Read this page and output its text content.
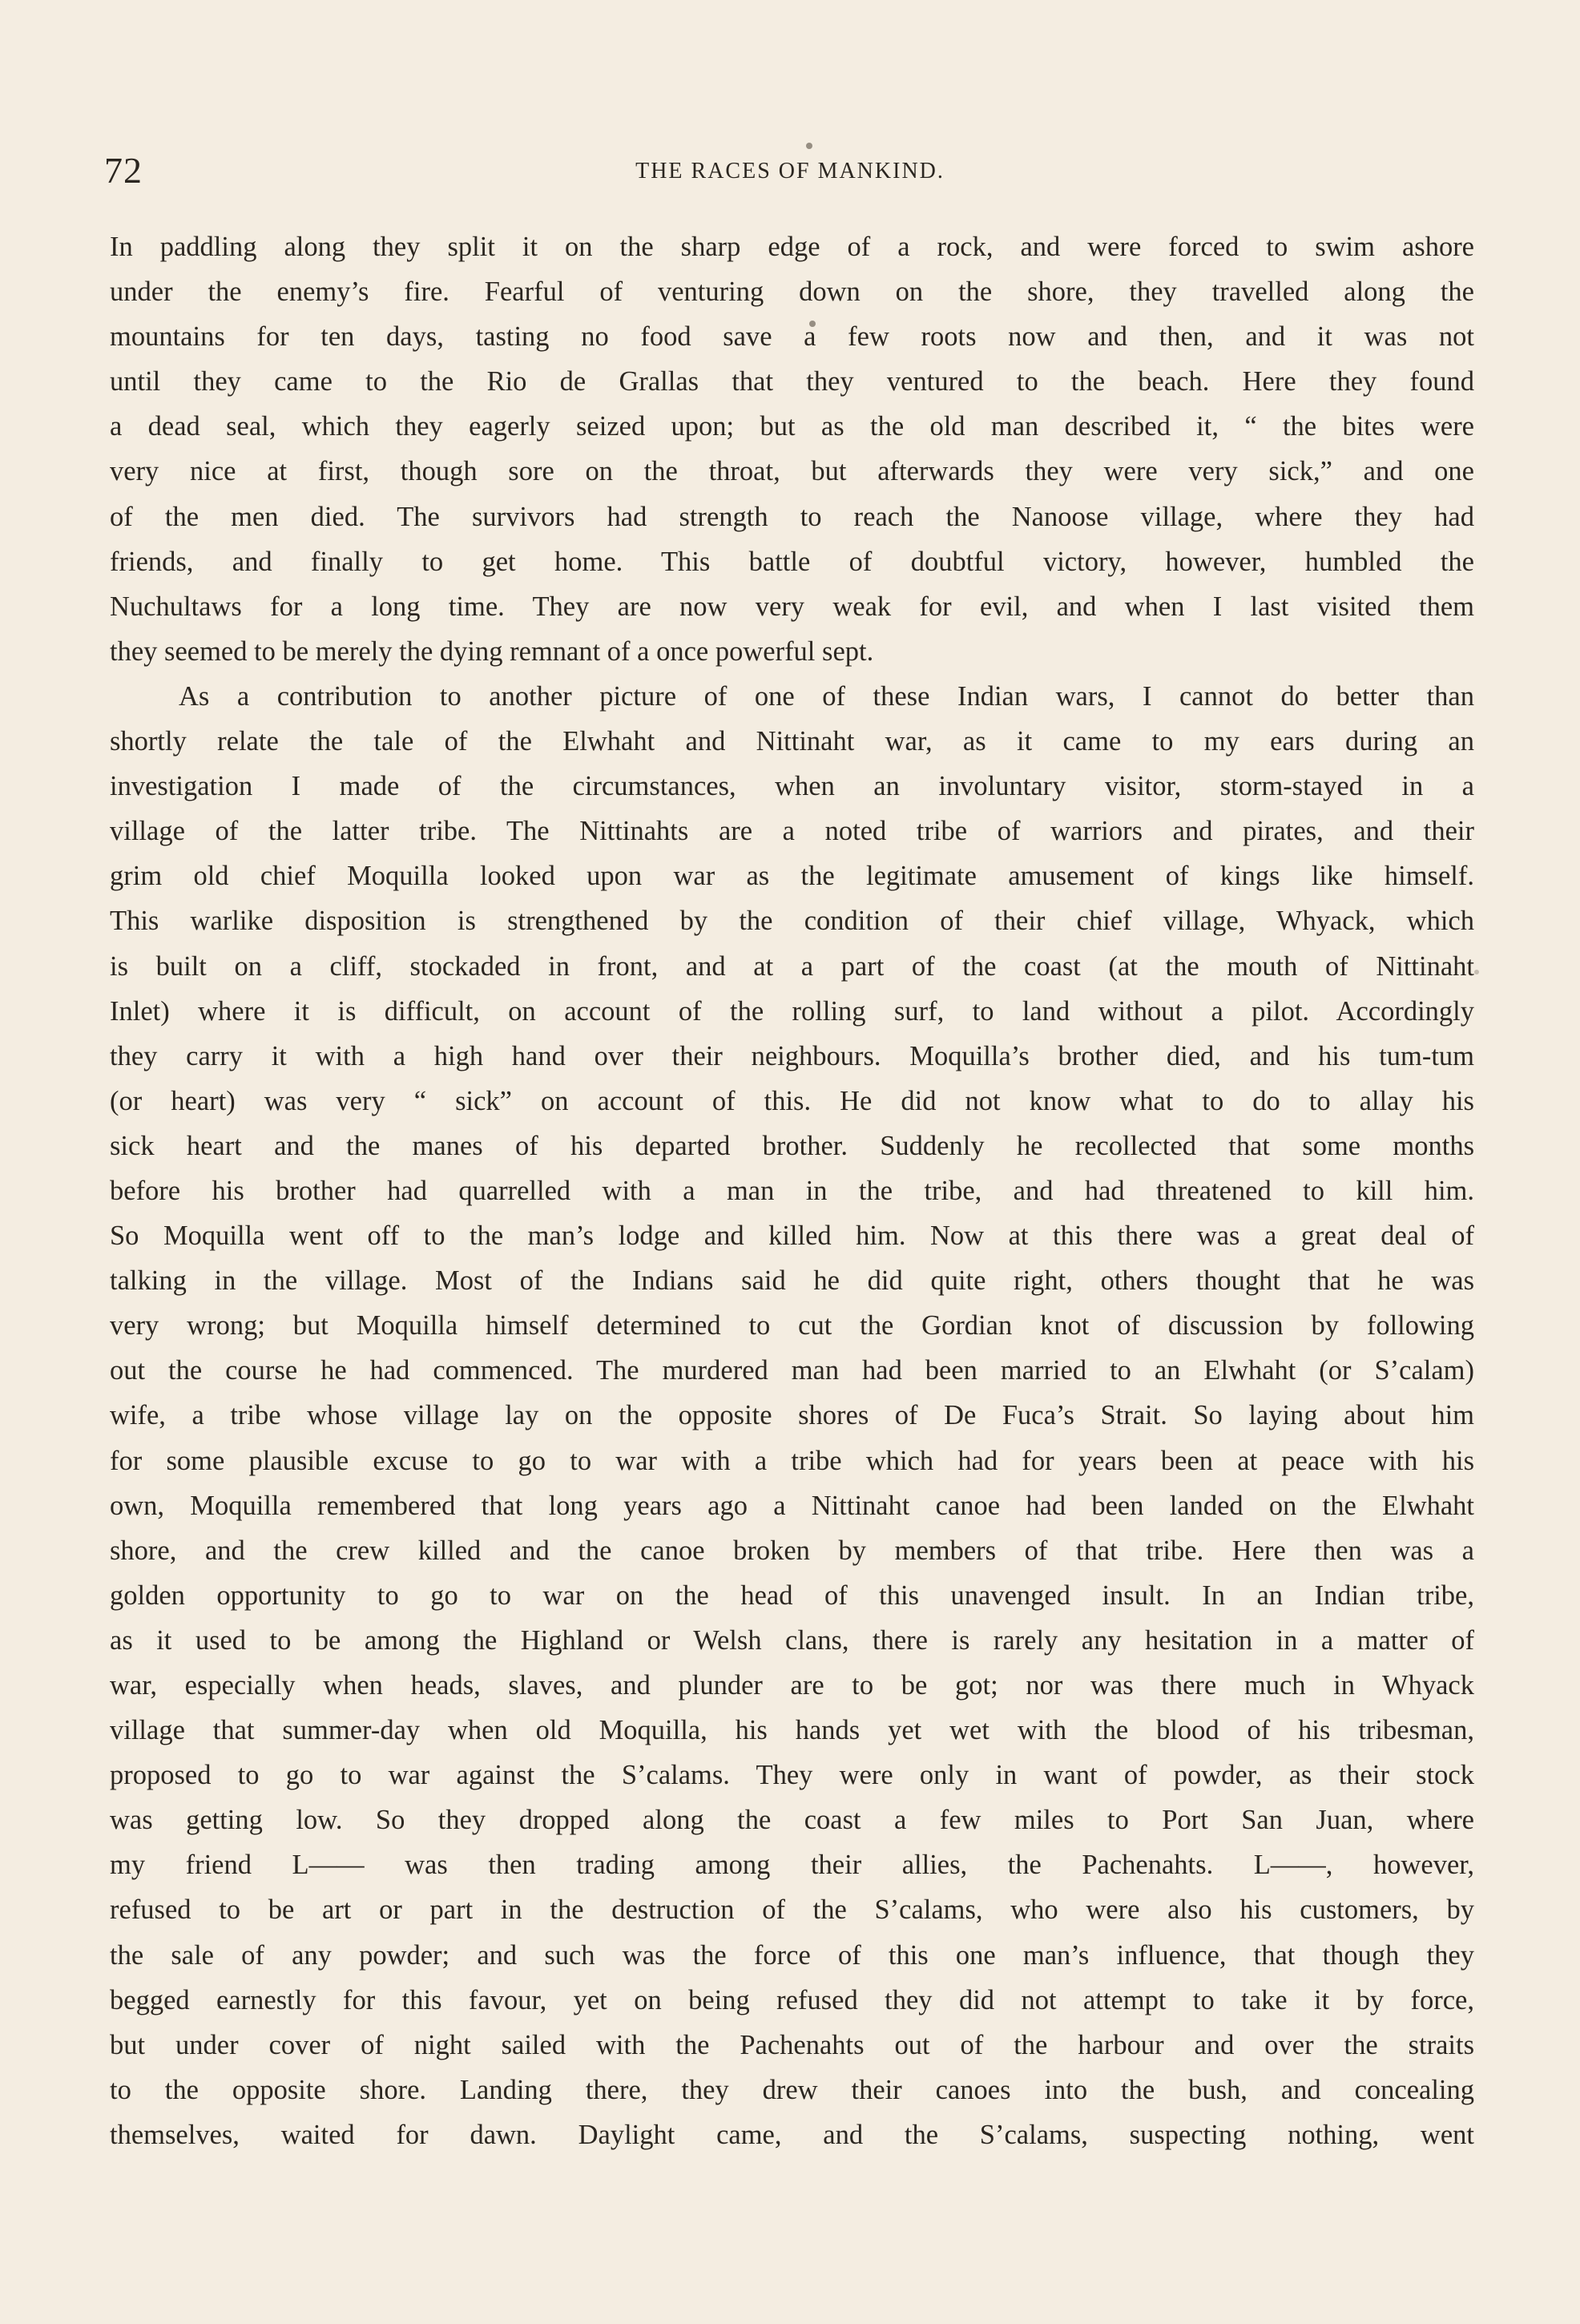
72	THE RACES OF MANKIND.
In paddling along they split it on the sharp edge of a rock, and were forced to swim ashore
under the enemy’s fire. Fearful of venturing down on the shore, they travelled along the
mountains for ten days, tasting no food save a few roots now and then, and it was not
until they came to the Rio de Grallas that they ventured to the beach. Here they found
a dead seal, which they eagerly seized upon; but as the old man described it, “ the bites were
very nice at first, though sore on the throat, but afterwards they were very sick,” and one
of the men died. The survivors had strength to reach the Nanoose village, where they had
friends, and finally to get home. This battle of doubtful victory, however, humbled the
Nuchultaws for a long time. They are now very weak for evil, and when I last visited them
they seemed to be merely the dying remnant of a once powerful sept.
As a contribution to another picture of one of these Indian wars, I cannot do better than
shortly relate the tale of the Elwhaht and Nittinaht war, as it came to my ears during an
investigation I made of the circumstances, when an involuntary visitor, storm-stayed in a
village of the latter tribe. The Nittinahts are a noted tribe of warriors and pirates, and their
grim old chief Moquilla looked upon war as the legitimate amusement of kings like himself.
This warlike disposition is strengthened by the condition of their chief village, Whyack, which
is built on a cliff, stockaded in front, and at a part of the coast (at the mouth of Nittinaht
Inlet) where it is difficult, on account of the rolling surf, to land without a pilot. Accordingly
they carry it with a high hand over their neighbours. Moquilla’s brother died, and his tum-tum
(or heart) was very “ sick” on account of this. He did not know what to do to allay his
sick heart and the manes of his departed brother. Suddenly he recollected that some months
before his brother had quarrelled with a man in the tribe, and had threatened to kill him.
So Moquilla went off to the man’s lodge and killed him. Now at this there was a great deal of
talking in the village. Most of the Indians said he did quite right, others thought that he was
very wrong; but Moquilla himself determined to cut the Gordian knot of discussion by following
out the course he had commenced. The murdered man had been married to an Elwhaht (or S’calam)
wife, a tribe whose village lay on the opposite shores of De Fuca’s Strait. So laying about him
for some plausible excuse to go to war with a tribe which had for years been at peace with his
own, Moquilla remembered that long years ago a Nittinaht canoe had been landed on the Elwhaht
shore, and the crew killed and the canoe broken by members of that tribe. Here then was a
golden opportunity to go to war on the head of this unavenged insult. In an Indian tribe,
as it used to be among the Highland or Welsh clans, there is rarely any hesitation in a matter of
war, especially when heads, slaves, and plunder are to be got; nor was there much in Whyack
village that summer-day when old Moquilla, his hands yet wet with the blood of his tribesman,
proposed to go to war against the S’calams. They were only in want of powder, as their stock
was getting low. So they dropped along the coast a few miles to Port San Juan, where
my friend L—— was then trading among their allies, the Pachenahts. L——, however,
refused to be art or part in the destruction of the S’calams, who were also his customers, by
the sale of any powder; and such was the force of this one man’s influence, that though they
begged earnestly for this favour, yet on being refused they did not attempt to take it by force,
but under cover of night sailed with the Pachenahts out of the harbour and over the straits
to the opposite shore. Landing there, they drew their canoes into the bush, and concealing
themselves, waited for dawn. Daylight came, and the S’calams, suspecting nothing, went
